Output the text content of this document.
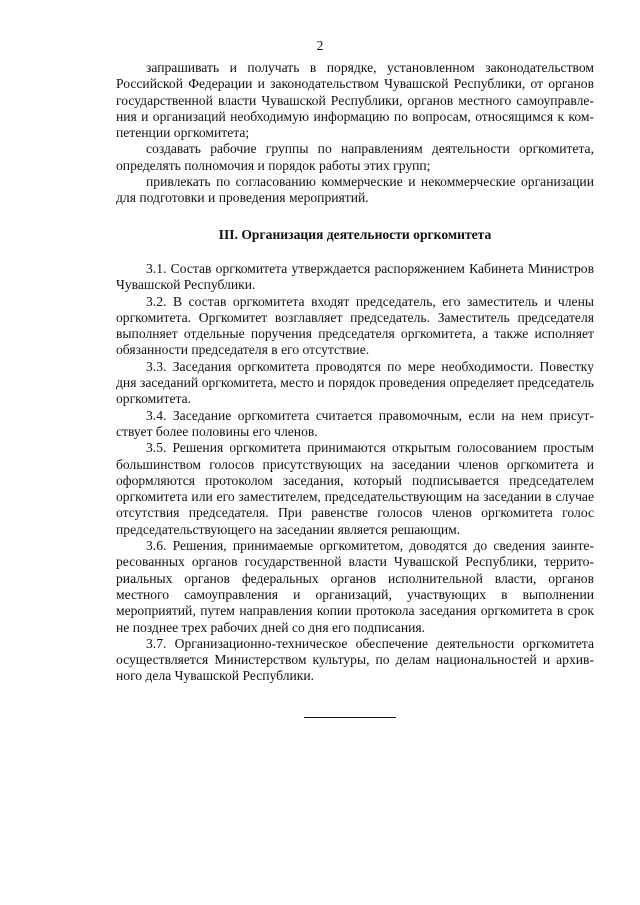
2

запрашивать и получать в порядке, установленном законодательством Российской Федерации и законодательством Чувашской Республики, от органов государственной власти Чувашской Республики, органов местного самоуправления и организаций необходимую информацию по вопросам, относящимся к компетенции оргкомитета;

создавать рабочие группы по направлениям деятельности оргкомитета, определять полномочия и порядок работы этих групп;

привлекать по согласованию коммерческие и некоммерческие организации для подготовки и проведения мероприятий.

III. Организация деятельности оргкомитета

3.1. Состав оргкомитета утверждается распоряжением Кабинета Министров Чувашской Республики.

3.2. В состав оргкомитета входят председатель, его заместитель и члены оргкомитета. Оргкомитет возглавляет председатель. Заместитель председателя выполняет отдельные поручения председателя оргкомитета, а также исполняет обязанности председателя в его отсутствие.

3.3. Заседания оргкомитета проводятся по мере необходимости. Повестку дня заседаний оргкомитета, место и порядок проведения определяет председатель оргкомитета.

3.4. Заседание оргкомитета считается правомочным, если на нем присутствует более половины его членов.

3.5. Решения оргкомитета принимаются открытым голосованием простым большинством голосов присутствующих на заседании членов оргкомитета и оформляются протоколом заседания, который подписывается председателем оргкомитета или его заместителем, председательствующим на заседании в случае отсутствия председателя. При равенстве голосов членов оргкомитета голос председательствующего на заседании является решающим.

3.6. Решения, принимаемые оргкомитетом, доводятся до сведения заинтересованных органов государственной власти Чувашской Республики, территориальных органов федеральных органов исполнительной власти, органов местного самоуправления и организаций, участвующих в выполнении мероприятий, путем направления копии протокола заседания оргкомитета в срок не позднее трех рабочих дней со дня его подписания.

3.7. Организационно-техническое обеспечение деятельности оргкомитета осуществляется Министерством культуры, по делам национальностей и архивного дела Чувашской Республики.
